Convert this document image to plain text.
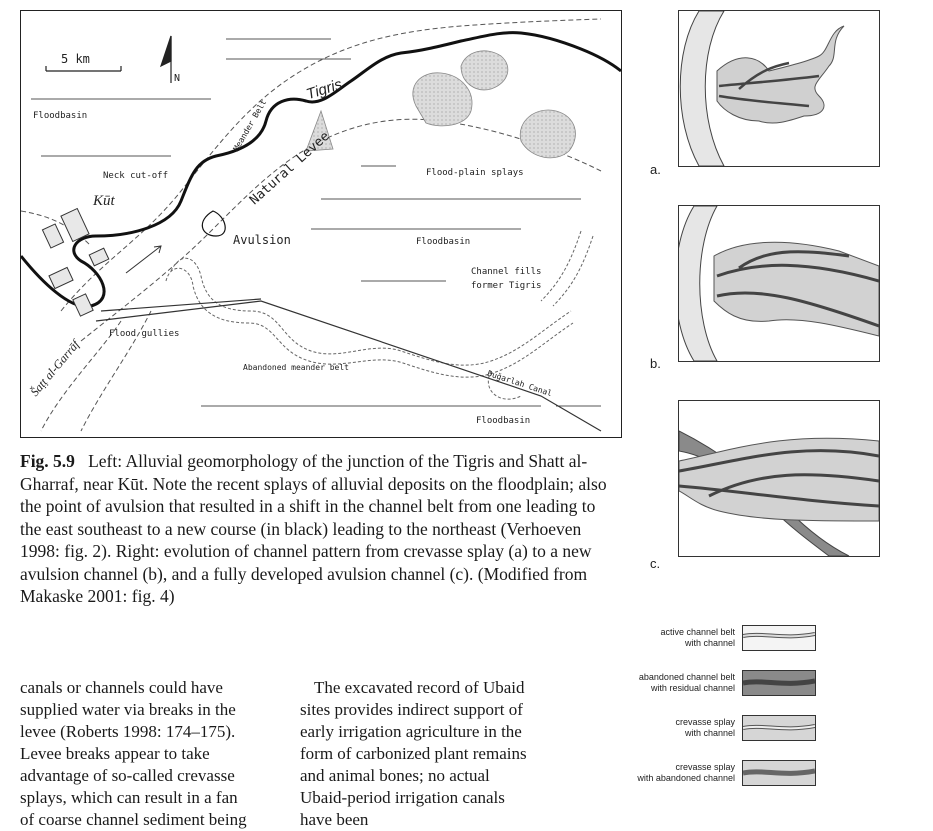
5 km
N
Floodbasin	Meander Belt
Tigris
Natural Levee
Neck cut-off	Flood-plain splays
Kūt
Avulsion	Floodbasin
Channel fills
former Tigris
Flood gullies
Abandoned meander belt
Duğarlah Canal
Šaṭṭ al-Garrāf
Floodbasin
Fig. 5.9 Left: Alluvial geomorphology of the junction of the Tigris and Shatt al-Gharraf, near Kūt. Note the recent splays of alluvial deposits on the floodplain; also the point of avulsion that resulted in a shift in the channel belt from one leading to the east southeast to a new course (in black) leading to the northeast (Verhoeven 1998: fig. 2). Right: evolution of channel pattern from crevasse splay (a) to a new avulsion channel (b), and a fully developed avulsion channel (c). (Modified from Makaske 2001: fig. 4)
canals or channels could have supplied water via breaks in the levee (Roberts 1998: 174–175). Levee breaks appear to take advantage of so-called crevasse splays, which can result in a fan of coarse channel sediment being
The excavated record of Ubaid sites provides indirect support of early irrigation agriculture in the form of carbonized plant remains and animal bones; no actual Ubaid-period irrigation canals have been
a.
b.
c.
active channel belt
with channel
abandoned channel belt
with residual channel
crevasse splay
with channel
crevasse splay
with abandoned channel
